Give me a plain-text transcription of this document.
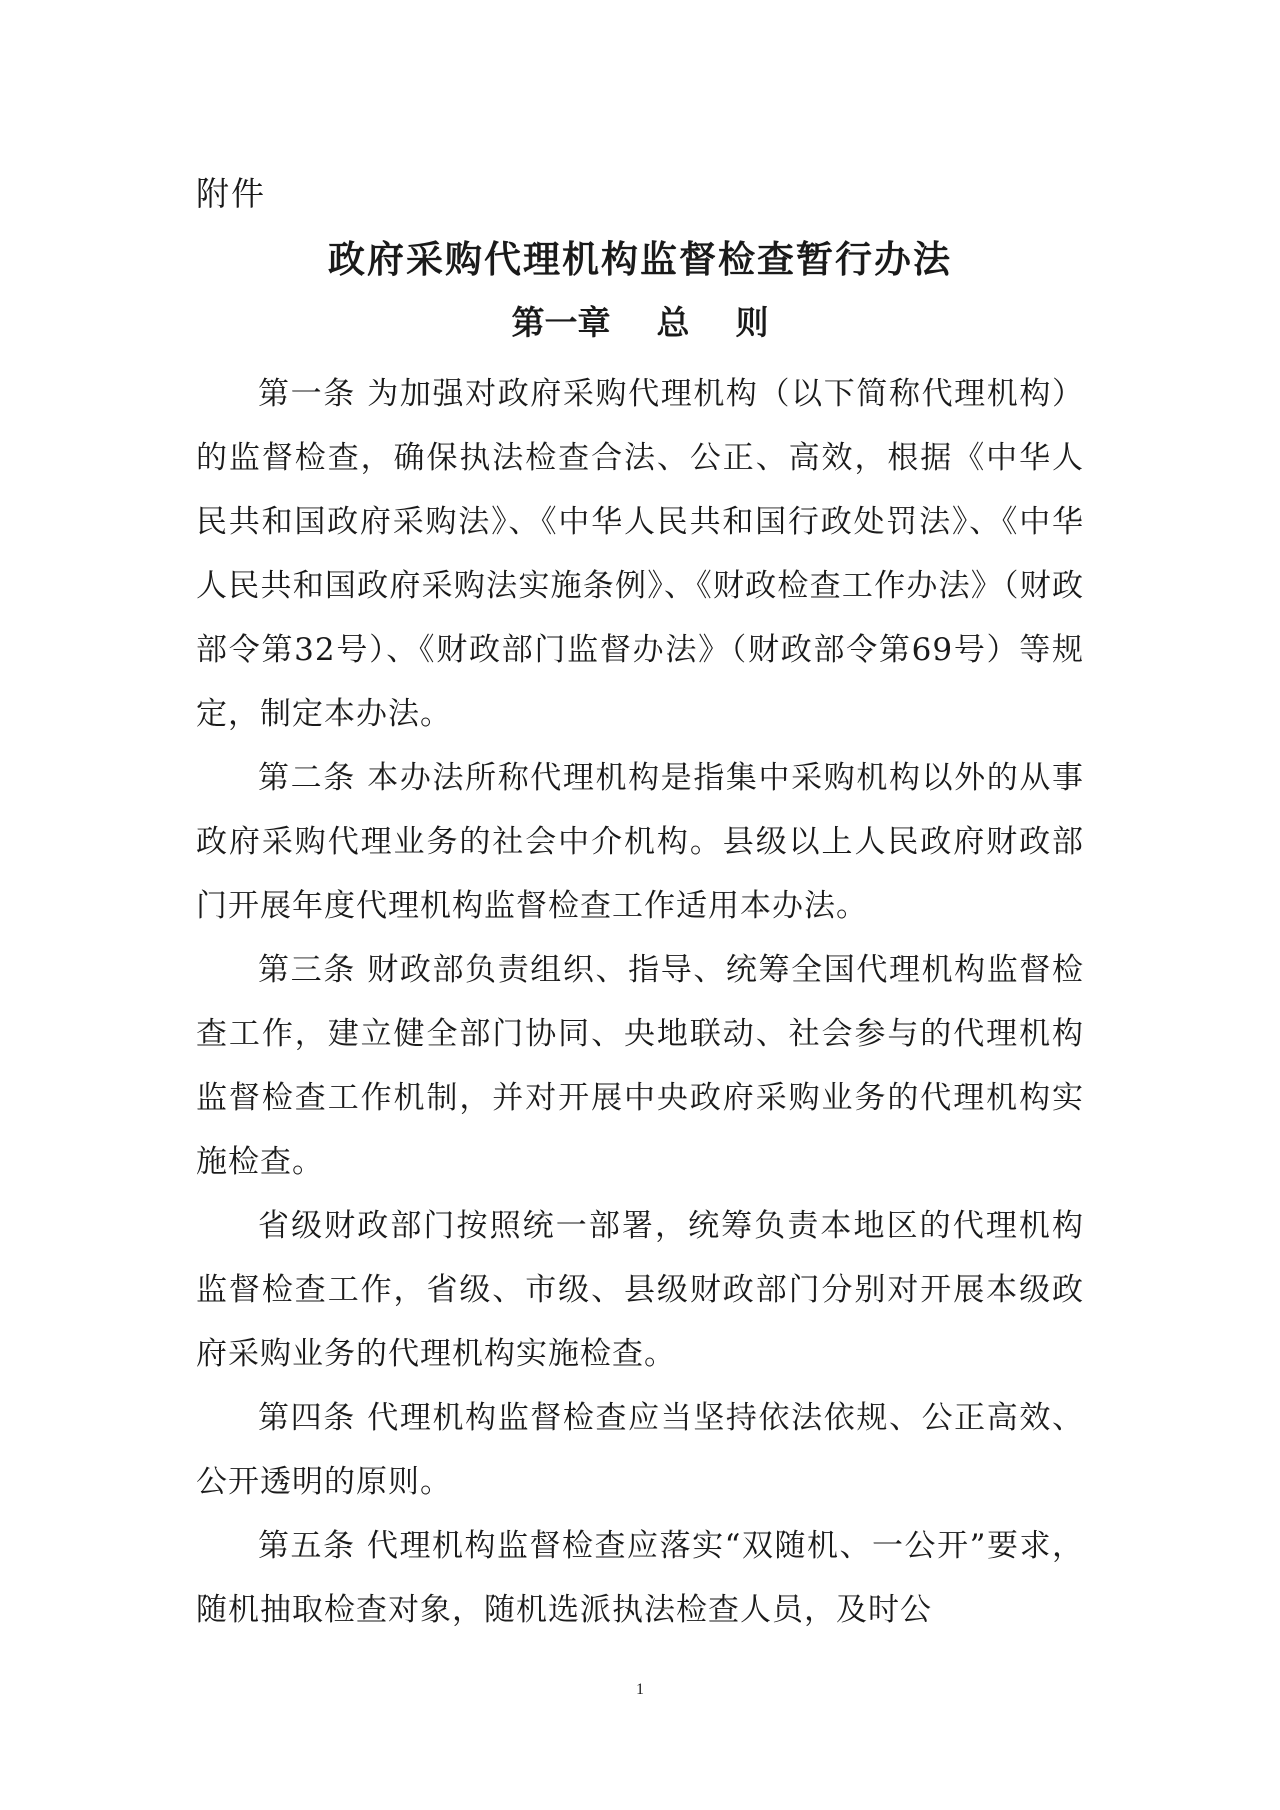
附件
政府采购代理机构监督检查暂行办法
第一章    总    则

第一条 为加强对政府采购代理机构（以下简称代理机构）的监督检查，确保执法检查合法、公正、高效，根据《中华人民共和国政府采购法》、《中华人民共和国行政处罚法》、《中华人民共和国政府采购法实施条例》、《财政检查工作办法》（财政部令第32号）、《财政部门监督办法》（财政部令第69号）等规定，制定本办法。

第二条 本办法所称代理机构是指集中采购机构以外的从事政府采购代理业务的社会中介机构。县级以上人民政府财政部门开展年度代理机构监督检查工作适用本办法。

第三条 财政部负责组织、指导、统筹全国代理机构监督检查工作，建立健全部门协同、央地联动、社会参与的代理机构监督检查工作机制，并对开展中央政府采购业务的代理机构实施检查。

省级财政部门按照统一部署，统筹负责本地区的代理机构监督检查工作，省级、市级、县级财政部门分别对开展本级政府采购业务的代理机构实施检查。

第四条 代理机构监督检查应当坚持依法依规、公正高效、公开透明的原则。

第五条 代理机构监督检查应落实“双随机、一公开”要求，随机抽取检查对象，随机选派执法检查人员，及时公

1
